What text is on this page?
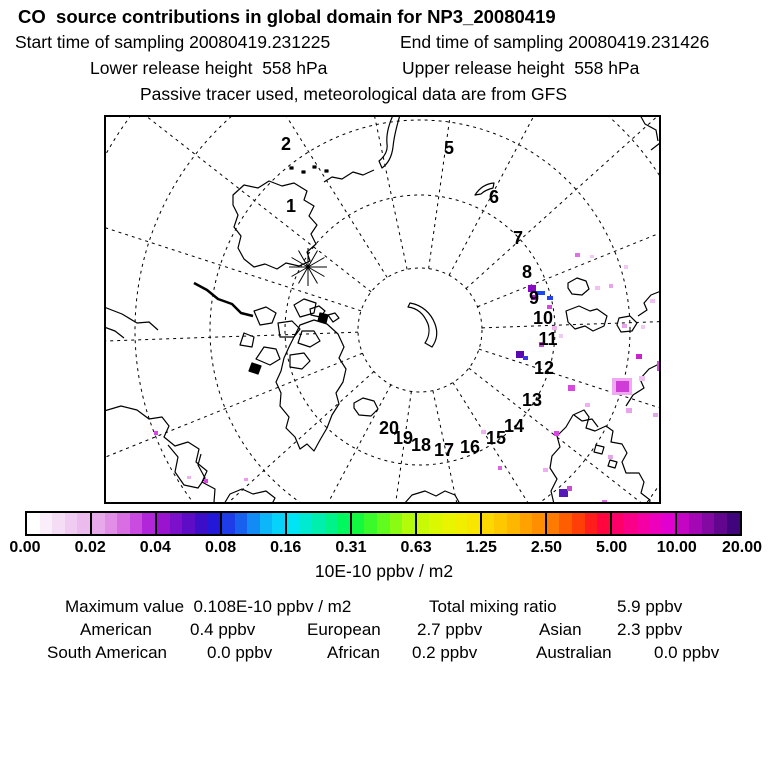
CO  source contributions in global domain for NP3_20080419
Start time of sampling 20080419.231225	End time of sampling 20080419.231426
Lower release height  558 hPa	Upper release height  558 hPa
Passive tracer used, meteorological data are from GFS
1
2	5
6
7
8
9
10
11
12
13
14
15
16
17
18
19
20
0.00 0.02 0.04 0.08 0.16 0.31 0.63 1.25 2.50 5.00 10.00 20.00
10E-10 ppbv / m2
Maximum value  0.108E-10 ppbv / m2	Total mixing ratio	5.9 ppbv
American 0.4 ppbv	European 2.7 ppbv	Asian 2.3 ppbv
South American 0.0 ppbv	African 0.2 ppbv	Australian 0.0 ppbv
